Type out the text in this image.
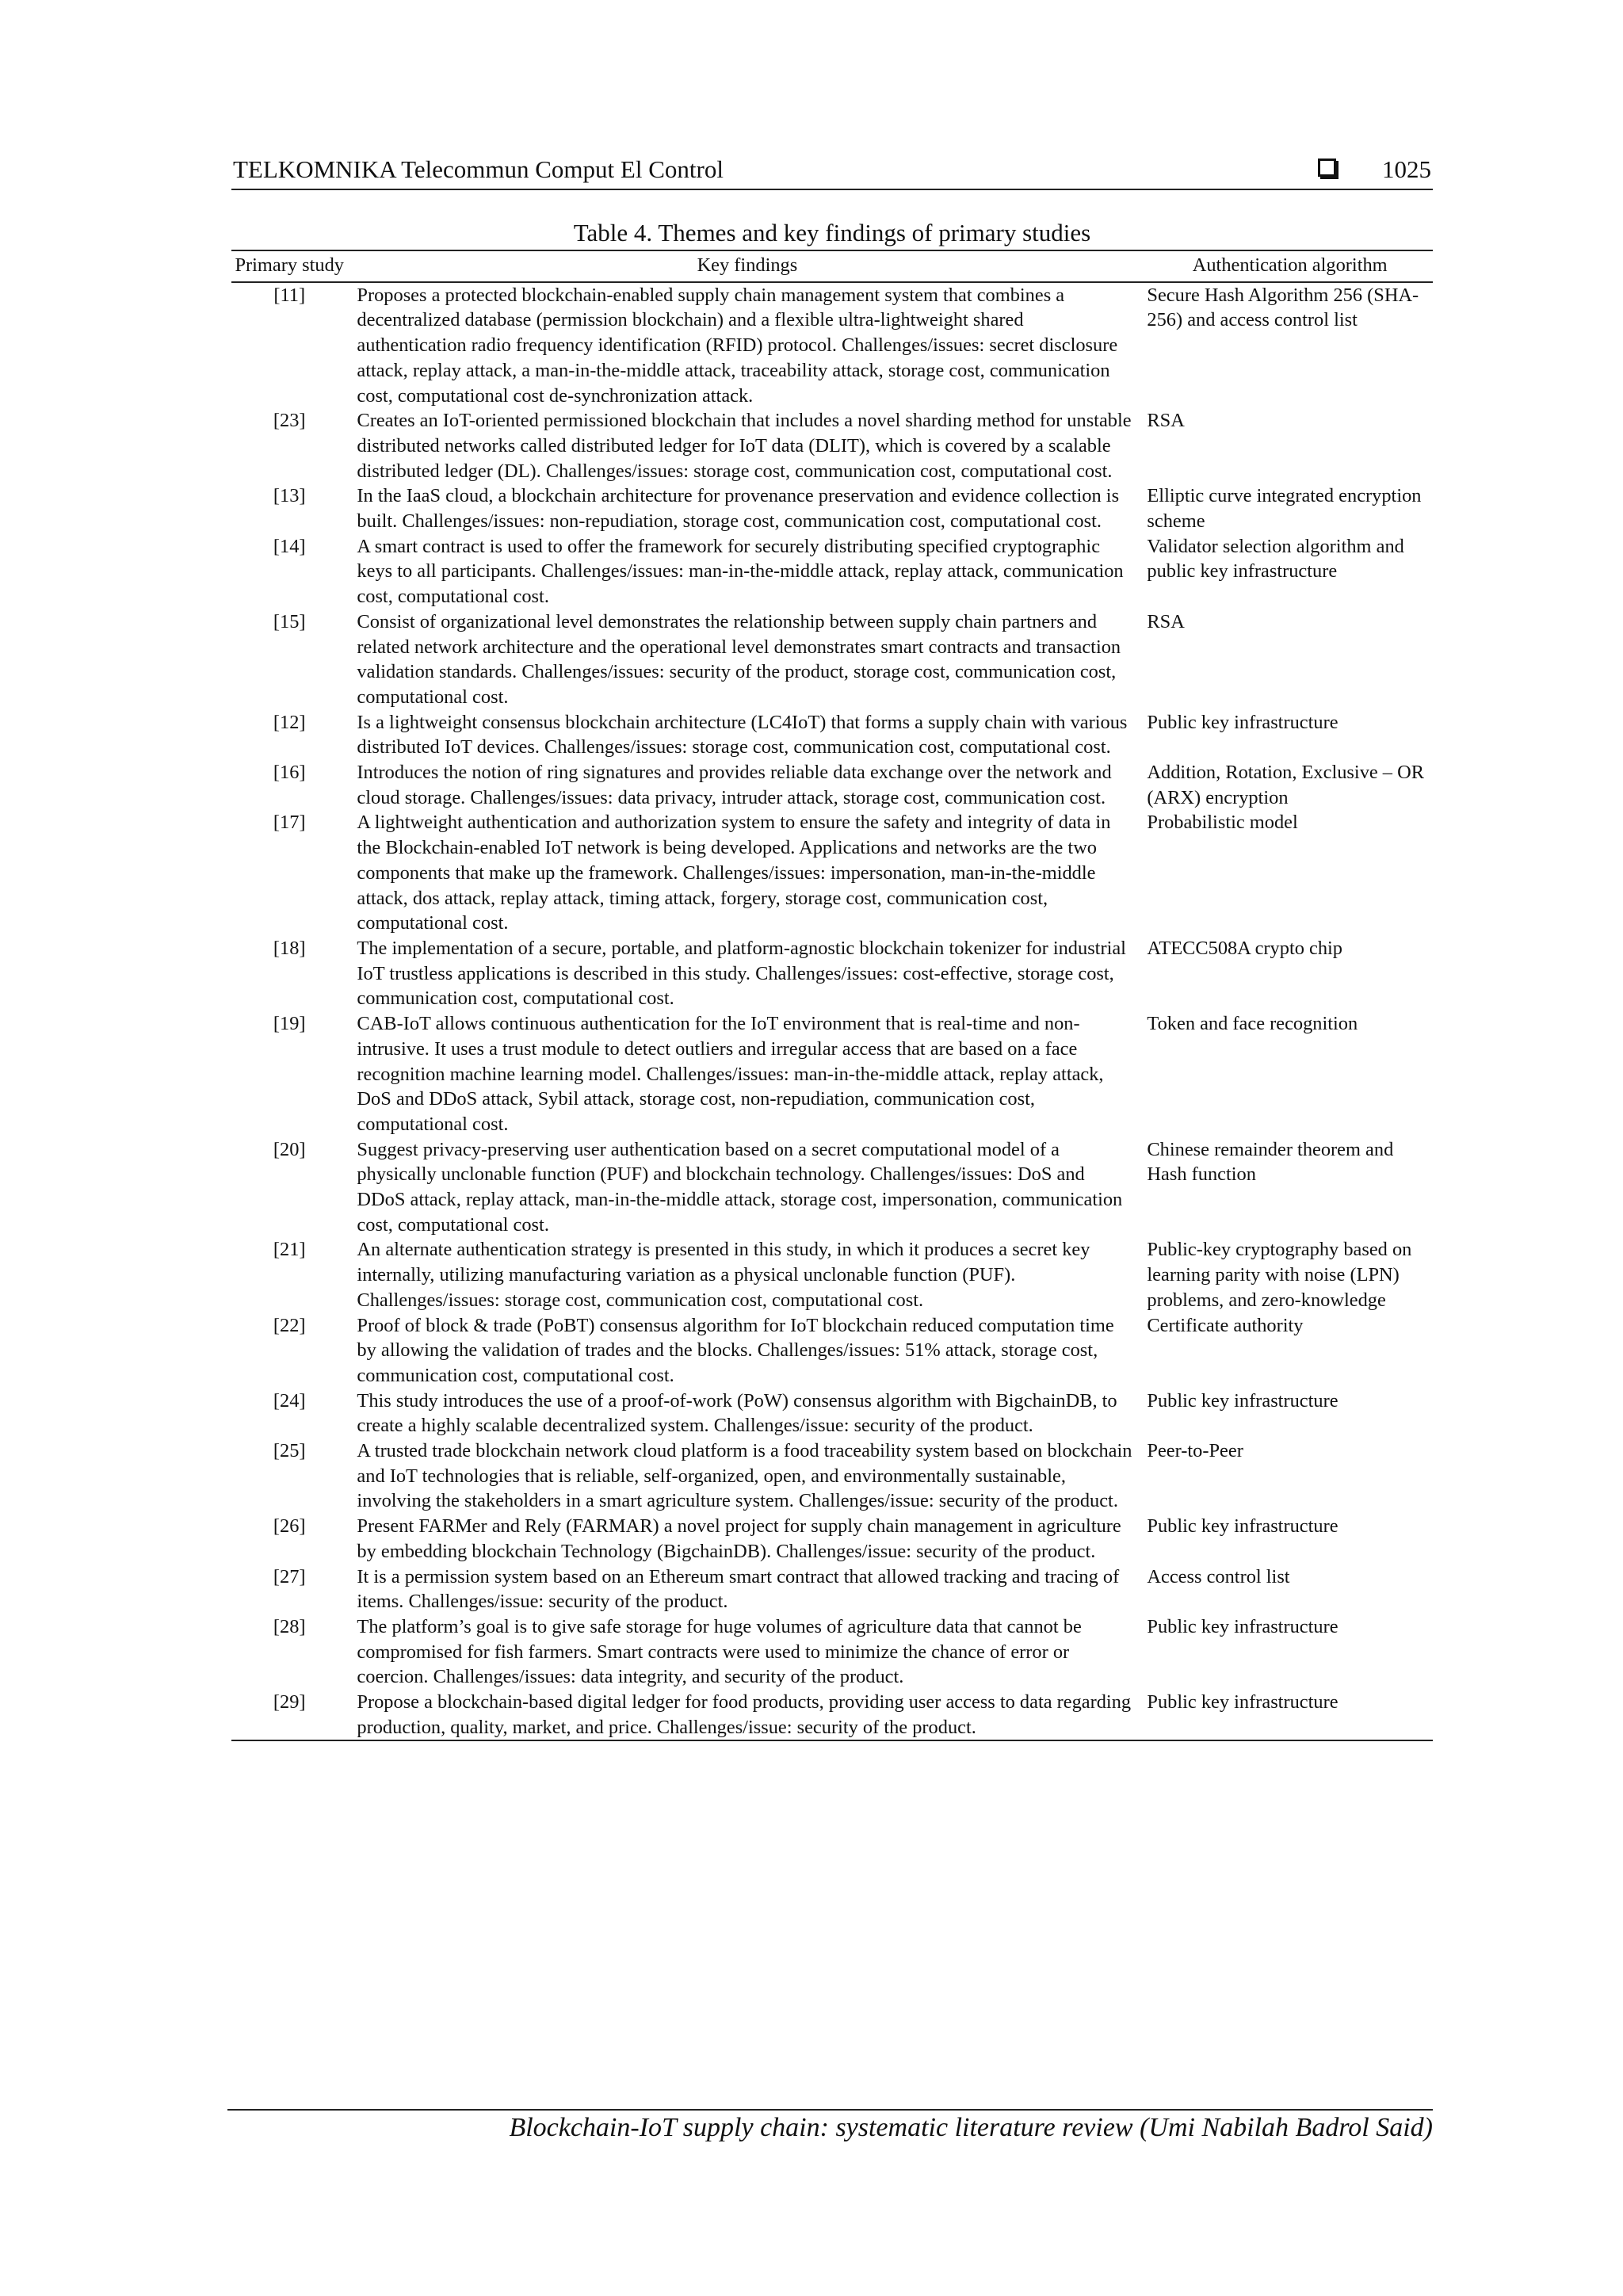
TELKOMNIKA Telecommun Comput El Control	1025
Table 4. Themes and key findings of primary studies
Primary study	Key findings	Authentication algorithm
[11]	Proposes a protected blockchain-enabled supply chain management system that combines a decentralized database (permission blockchain) and a flexible ultra-lightweight shared authentication radio frequency identification (RFID) protocol. Challenges/issues: secret disclosure attack, replay attack, a man-in-the-middle attack, traceability attack, storage cost, communication cost, computational cost de-synchronization attack.	Secure Hash Algorithm 256 (SHA-256) and access control list
[23]	Creates an IoT-oriented permissioned blockchain that includes a novel sharding method for unstable distributed networks called distributed ledger for IoT data (DLIT), which is covered by a scalable distributed ledger (DL). Challenges/issues: storage cost, communication cost, computational cost.	RSA
[13]	In the IaaS cloud, a blockchain architecture for provenance preservation and evidence collection is built. Challenges/issues: non-repudiation, storage cost, communication cost, computational cost.	Elliptic curve integrated encryption scheme
[14]	A smart contract is used to offer the framework for securely distributing specified cryptographic keys to all participants. Challenges/issues: man-in-the-middle attack, replay attack, communication cost, computational cost.	Validator selection algorithm and public key infrastructure
[15]	Consist of organizational level demonstrates the relationship between supply chain partners and related network architecture and the operational level demonstrates smart contracts and transaction validation standards. Challenges/issues: security of the product, storage cost, communication cost, computational cost.	RSA
[12]	Is a lightweight consensus blockchain architecture (LC4IoT) that forms a supply chain with various distributed IoT devices. Challenges/issues: storage cost, communication cost, computational cost.	Public key infrastructure
[16]	Introduces the notion of ring signatures and provides reliable data exchange over the network and cloud storage. Challenges/issues: data privacy, intruder attack, storage cost, communication cost.	Addition, Rotation, Exclusive – OR (ARX) encryption
[17]	A lightweight authentication and authorization system to ensure the safety and integrity of data in the Blockchain-enabled IoT network is being developed. Applications and networks are the two components that make up the framework. Challenges/issues: impersonation, man-in-the-middle attack, dos attack, replay attack, timing attack, forgery, storage cost, communication cost, computational cost.	Probabilistic model
[18]	The implementation of a secure, portable, and platform-agnostic blockchain tokenizer for industrial IoT trustless applications is described in this study. Challenges/issues: cost-effective, storage cost, communication cost, computational cost.	ATECC508A crypto chip
[19]	CAB-IoT allows continuous authentication for the IoT environment that is real-time and non-intrusive. It uses a trust module to detect outliers and irregular access that are based on a face recognition machine learning model. Challenges/issues: man-in-the-middle attack, replay attack, DoS and DDoS attack, Sybil attack, storage cost, non-repudiation, communication cost, computational cost.	Token and face recognition
[20]	Suggest privacy-preserving user authentication based on a secret computational model of a physically unclonable function (PUF) and blockchain technology. Challenges/issues: DoS and DDoS attack, replay attack, man-in-the-middle attack, storage cost, impersonation, communication cost, computational cost.	Chinese remainder theorem and Hash function
[21]	An alternate authentication strategy is presented in this study, in which it produces a secret key internally, utilizing manufacturing variation as a physical unclonable function (PUF). Challenges/issues: storage cost, communication cost, computational cost.	Public-key cryptography based on learning parity with noise (LPN) problems, and zero-knowledge
[22]	Proof of block & trade (PoBT) consensus algorithm for IoT blockchain reduced computation time by allowing the validation of trades and the blocks. Challenges/issues: 51% attack, storage cost, communication cost, computational cost.	Certificate authority
[24]	This study introduces the use of a proof-of-work (PoW) consensus algorithm with BigchainDB, to create a highly scalable decentralized system. Challenges/issue: security of the product.	Public key infrastructure
[25]	A trusted trade blockchain network cloud platform is a food traceability system based on blockchain and IoT technologies that is reliable, self-organized, open, and environmentally sustainable, involving the stakeholders in a smart agriculture system. Challenges/issue: security of the product.	Peer-to-Peer
[26]	Present FARMer and Rely (FARMAR) a novel project for supply chain management in agriculture by embedding blockchain Technology (BigchainDB). Challenges/issue: security of the product.	Public key infrastructure
[27]	It is a permission system based on an Ethereum smart contract that allowed tracking and tracing of items. Challenges/issue: security of the product.	Access control list
[28]	The platform’s goal is to give safe storage for huge volumes of agriculture data that cannot be compromised for fish farmers. Smart contracts were used to minimize the chance of error or coercion. Challenges/issues: data integrity, and security of the product.	Public key infrastructure
[29]	Propose a blockchain-based digital ledger for food products, providing user access to data regarding production, quality, market, and price. Challenges/issue: security of the product.	Public key infrastructure
Blockchain-IoT supply chain: systematic literature review (Umi Nabilah Badrol Said)
